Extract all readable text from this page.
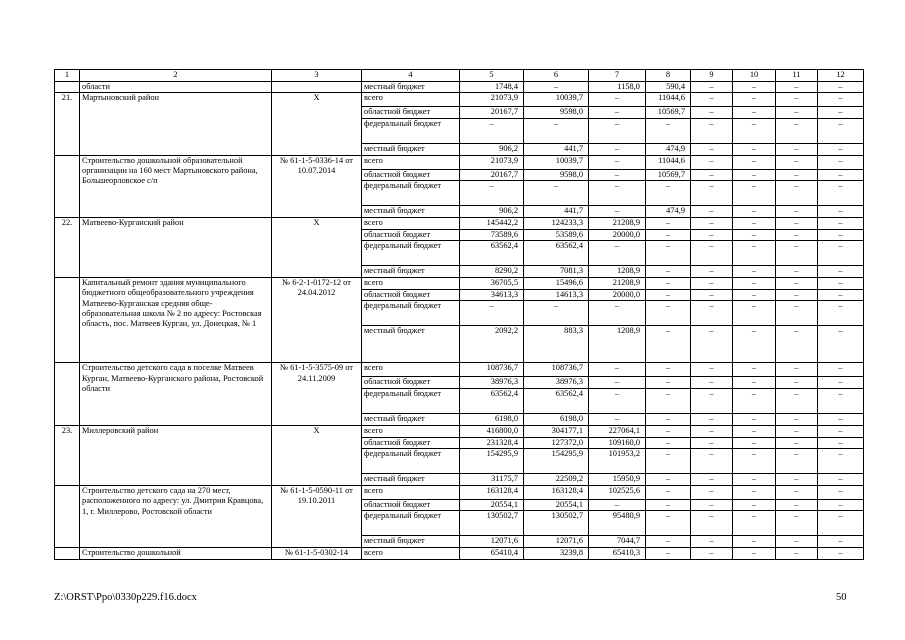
1	2	3	4	5	6	7	8	9	10	11	12
	области		местный бюджет	1748,4	–	1158,0	590,4	–	–	–	–
21.	Мартыновский район	Х	всего	21073,9	10039,7	–	11044,6	–	–	–	–
			областной бюджет	20167,7	9598,0	–	10569,7	–	–	–	–
			федеральный бюджет	–	–	–	–	–	–	–	–
			местный бюджет	906,2	441,7	–	474,9	–	–	–	–
	Строительство дошкольной образовательной организации на 160 мест Мартыновского района, Большеорловское с/п	№ 61-1-5-0336-14 от 10.07.2014	всего	21073,9	10039,7	–	11044,6	–	–	–	–
			областной бюджет	20167,7	9598,0	–	10569,7	–	–	–	–
			федеральный бюджет	–	–	–	–	–	–	–	–
			местный бюджет	906,2	441,7	–	474,9	–	–	–	–
22.	Матвеево-Курганский район	Х	всего	145442,2	124233,3	21208,9	–	–	–	–	–
			областной бюджет	73589,6	53589,6	20000,0	–	–	–	–	–
			федеральный бюджет	63562,4	63562,4	–	–	–	–	–	–
			местный бюджет	8290,2	7081,3	1208,9	–	–	–	–	–
	Капитальный ремонт здания муниципального бюджетного общеобразовательного учреждения Матвеево-Курганская средняя обще-образовательная школа № 2 по адресу: Ростовская область, пос. Матвеев Курган, ул. Донецкая, № 1	№ 6-2-1-0172-12 от 24.04.2012	всего	36705,5	15496,6	21208,9	–	–	–	–	–
			областной бюджет	34613,3	14613,3	20000,0	–	–	–	–	–
			федеральный бюджет	–	–	–	–	–	–	–	–
			местный бюджет	2092,2	883,3	1208,9	–	–	–	–	–
	Строительство детского сада в поселке Матвеев Курган, Матвеево-Курганского района, Ростовской области	№ 61-1-5-3575-09 от 24.11.2009	всего	108736,7	108736,7	–	–	–	–	–	–
			областной бюджет	38976,3	38976,3	–	–	–	–	–	–
			федеральный бюджет	63562,4	63562,4	–	–	–	–	–	–
			местный бюджет	6198,0	6198,0	–	–	–	–	–	–
23.	Миллеровский район	Х	всего	416800,0	304177,1	227064,1	–	–	–	–	–
			областной бюджет	231328,4	127372,0	109160,0	–	–	–	–	–
			федеральный бюджет	154295,9	154295,9	101953,2	–	–	–	–	–
			местный бюджет	31175,7	22509,2	15950,9	–	–	–	–	–
	Строительство детского сада на 270 мест, расположенного по адресу: ул. Дмитрия Кравцова, 1, г. Миллерово, Ростовской области	№ 61-1-5-0590-11 от 19.10.2011	всего	163128,4	163128,4	102525,6	–	–	–	–	–
			областной бюджет	20554,1	20554,1	–	–	–	–	–	–
			федеральный бюджет	130502,7	130502,7	95480,9	–	–	–	–	–
			местный бюджет	12071,6	12071,6	7044,7	–	–	–	–	–
	Строительство дошкольной	№ 61-1-5-0302-14	всего	65410,4	3239,8	65410,3	–	–	–	–	–
Z:\ORST\Ppo\0330p229.f16.docx	50
